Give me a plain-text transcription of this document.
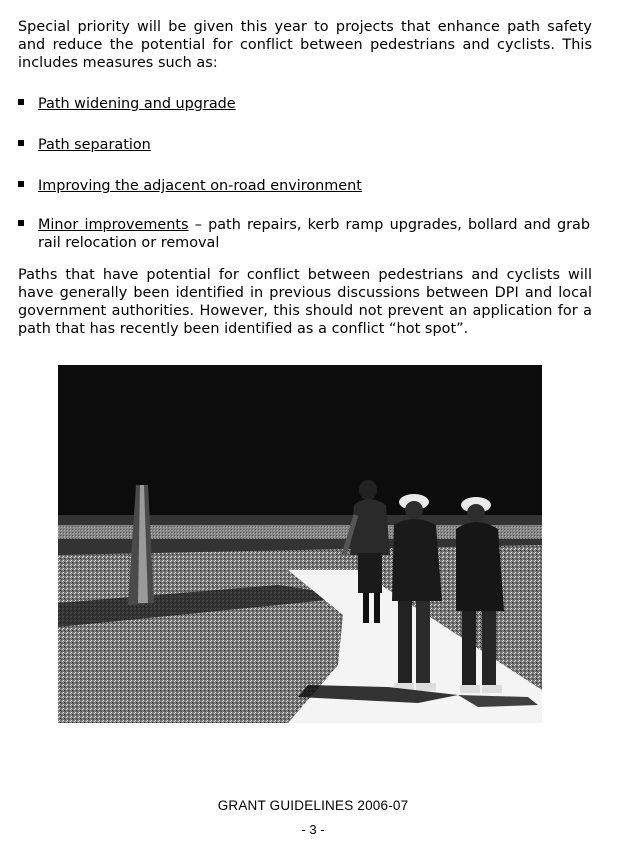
Special priority will be given this year to projects that enhance path safety and reduce the potential for conflict between pedestrians and cyclists. This includes measures such as:
Path widening and upgrade
Path separation
Improving the adjacent on-road environment
Minor improvements – path repairs, kerb ramp upgrades, bollard and grab rail relocation or removal
Paths that have potential for conflict between pedestrians and cyclists will have generally been identified in previous discussions between DPI and local government authorities. However, this should not prevent an application for a path that has recently been identified as a conflict “hot spot”.
GRANT GUIDELINES 2006-07
- 3 -
